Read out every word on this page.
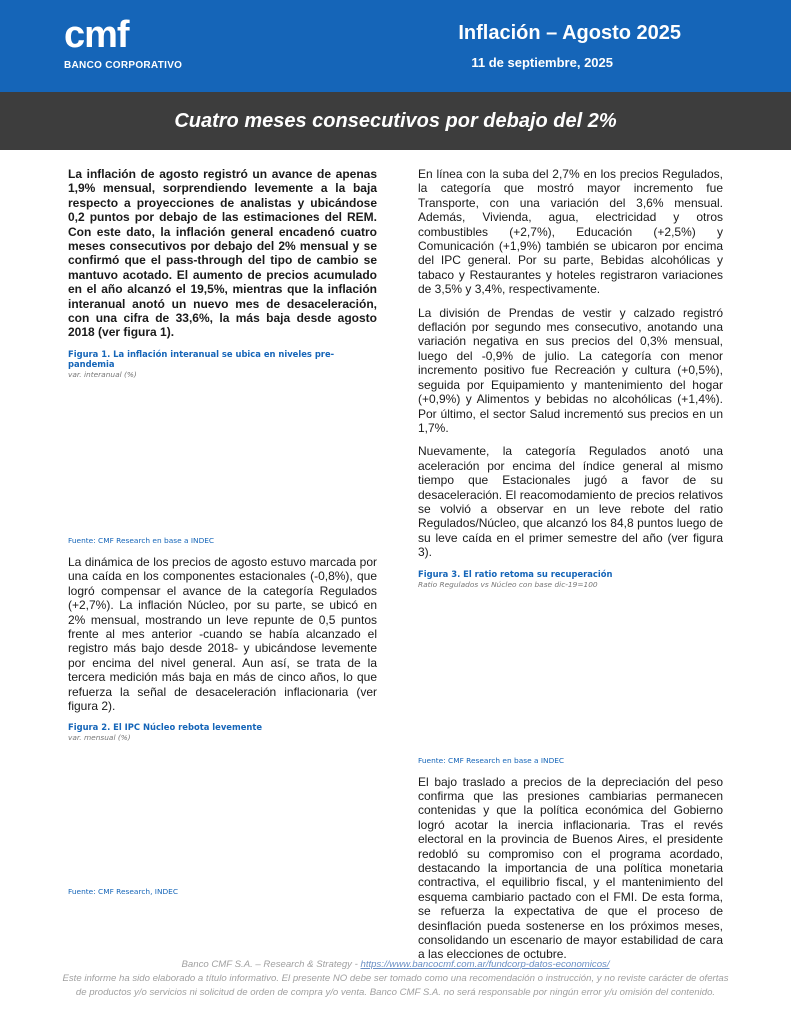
cmf
BANCO CORPORATIVO
Inflación – Agosto 2025
11 de septiembre, 2025
Cuatro meses consecutivos por debajo del 2%

La inflación de agosto registró un avance de apenas 1,9% mensual, sorprendiendo levemente a la baja respecto a proyecciones de analistas y ubicándose 0,2 puntos por debajo de las estimaciones del REM. Con este dato, la inflación general encadenó cuatro meses consecutivos por debajo del 2% mensual y se confirmó que el pass-through del tipo de cambio se mantuvo acotado. El aumento de precios acumulado en el año alcanzó el 19,5%, mientras que la inflación interanual anotó un nuevo mes de desaceleración, con una cifra de 33,6%, la más baja desde agosto 2018 (ver figura 1).

Figura 1. La inflación interanual se ubica en niveles pre-pandemia
var. interanual (%)
Fuente: CMF Research en base a INDEC

La dinámica de los precios de agosto estuvo marcada por una caída en los componentes estacionales (-0,8%), que logró compensar el avance de la categoría Regulados (+2,7%). La inflación Núcleo, por su parte, se ubicó en 2% mensual, mostrando un leve repunte de 0,5 puntos frente al mes anterior -cuando se había alcanzado el registro más bajo desde 2018- y ubicándose levemente por encima del nivel general. Aun así, se trata de la tercera medición más baja en más de cinco años, lo que refuerza la señal de desaceleración inflacionaria (ver figura 2).

Figura 2. El IPC Núcleo rebota levemente
var. mensual (%)
Fuente: CMF Research, INDEC

En línea con la suba del 2,7% en los precios Regulados, la categoría que mostró mayor incremento fue Transporte, con una variación del 3,6% mensual. Además, Vivienda, agua, electricidad y otros combustibles (+2,7%), Educación (+2,5%) y Comunicación (+1,9%) también se ubicaron por encima del IPC general. Por su parte, Bebidas alcohólicas y tabaco y Restaurantes y hoteles registraron variaciones de 3,5% y 3,4%, respectivamente.

La división de Prendas de vestir y calzado registró deflación por segundo mes consecutivo, anotando una variación negativa en sus precios del 0,3% mensual, luego del -0,9% de julio. La categoría con menor incremento positivo fue Recreación y cultura (+0,5%), seguida por Equipamiento y mantenimiento del hogar (+0,9%) y Alimentos y bebidas no alcohólicas (+1,4%). Por último, el sector Salud incrementó sus precios en un 1,7%.

Nuevamente, la categoría Regulados anotó una aceleración por encima del índice general al mismo tiempo que Estacionales jugó a favor de su desaceleración. El reacomodamiento de precios relativos se volvió a observar en un leve rebote del ratio Regulados/Núcleo, que alcanzó los 84,8 puntos luego de su leve caída en el primer semestre del año (ver figura 3).

Figura 3. El ratio retoma su recuperación
Ratio Regulados vs Núcleo con base dic-19=100
Fuente: CMF Research en base a INDEC

El bajo traslado a precios de la depreciación del peso confirma que las presiones cambiarias permanecen contenidas y que la política económica del Gobierno logró acotar la inercia inflacionaria. Tras el revés electoral en la provincia de Buenos Aires, el presidente redobló su compromiso con el programa acordado, destacando la importancia de una política monetaria contractiva, el equilibrio fiscal, y el mantenimiento del esquema cambiario pactado con el FMI. De esta forma, se refuerza la expectativa de que el proceso de desinflación pueda sostenerse en los próximos meses, consolidando un escenario de mayor estabilidad de cara a las elecciones de octubre.

Banco CMF S.A. – Research & Strategy - https://www.bancocmf.com.ar/fundcorp-datos-economicos/
Este informe ha sido elaborado a título informativo. El presente NO debe ser tomado como una recomendación o instrucción, y no reviste carácter de ofertas de productos y/o servicios ni solicitud de orden de compra y/o venta. Banco CMF S.A. no será responsable por ningún error y/u omisión del contenido.
